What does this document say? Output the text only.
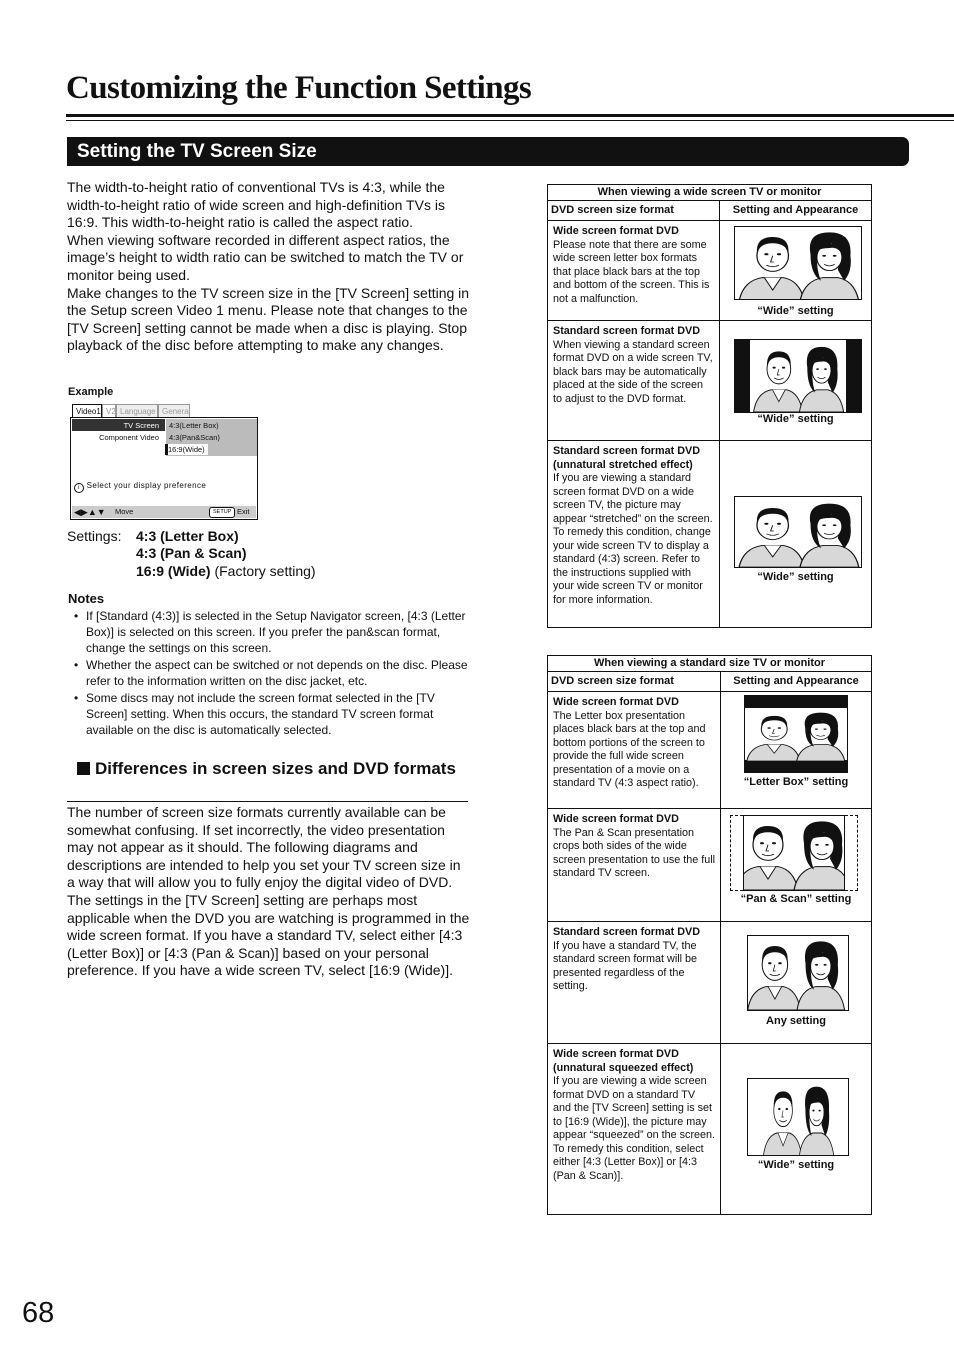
Customizing the Function Settings
Setting the TV Screen Size

The width-to-height ratio of conventional TVs is 4:3, while the width-to-height ratio of wide screen and high-definition TVs is 16:9. This width-to-height ratio is called the aspect ratio.

When viewing software recorded in different aspect ratios, the image’s height to width ratio can be switched to match the TV or monitor being used.

Make changes to the TV screen size in the [TV Screen] setting in the Setup screen Video 1 menu. Please note that changes to the [TV Screen] setting cannot be made when a disc is playing. Stop playback of the disc before attempting to make any changes.

Example
Video1 V2 Language General
TV Screen
Component Video
4:3(Letter Box)
4:3(Pan&Scan)
16:9(Wide)
i Select your display preference
◀▶▲▼ Move	SETUP Exit
Settings: 4:3 (Letter Box)
4:3 (Pan & Scan)
16:9 (Wide) (Factory setting)
Notes
• If [Standard (4:3)] is selected in the Setup Navigator screen, [4:3 (Letter Box)] is selected on this screen. If you prefer the pan&scan format, change the settings on this screen.
• Whether the aspect can be switched or not depends on the disc. Please refer to the information written on the disc jacket, etc.
• Some discs may not include the screen format selected in the [TV Screen] setting. When this occurs, the standard TV screen format available on the disc is automatically selected.
Differences in screen sizes and DVD formats

The number of screen size formats currently available can be somewhat confusing. If set incorrectly, the video presentation may not appear as it should. The following diagrams and descriptions are intended to help you set your TV screen size in a way that will allow you to fully enjoy the digital video of DVD.

The settings in the [TV Screen] setting are perhaps most applicable when the DVD you are watching is programmed in the wide screen format. If you have a standard TV, select either [4:3 (Letter Box)] or [4:3 (Pan & Scan)] based on your personal preference. If you have a wide screen TV, select [16:9 (Wide)].

When viewing a wide screen TV or monitor	
DVD screen size format	Setting and Appearance

Wide screen format DVD
Please note that there are some wide screen letter box formats that place black bars at the top and bottom of the screen. This is not a malfunction.	“Wide” setting

Standard screen format DVD
When viewing a standard screen format DVD on a wide screen TV, black bars may be automatically placed at the side of the screen to adjust to the DVD format.	“Wide” setting

Standard screen format DVD (unnatural stretched effect)
If you are viewing a standard screen format DVD on a wide screen TV, the picture may appear “stretched” on the screen. To remedy this condition, change your wide screen TV to display a standard (4:3) screen. Refer to the instructions supplied with your wide screen TV or monitor for more information.	“Wide” setting
When viewing a standard size TV or monitor	
DVD screen size format	Setting and Appearance

Wide screen format DVD
The Letter box presentation places black bars at the top and bottom portions of the screen to provide the full wide screen presentation of a movie on a standard TV (4:3 aspect ratio).	“Letter Box” setting

Wide screen format DVD
The Pan & Scan presentation crops both sides of the wide screen presentation to use the full standard TV screen.	“Pan & Scan” setting

Standard screen format DVD
If you have a standard TV, the standard screen format will be presented regardless of the setting.	Any setting

Wide screen format DVD (unnatural squeezed effect)
If you are viewing a wide screen format DVD on a standard TV and the [TV Screen] setting is set to [16:9 (Wide)], the picture may appear “squeezed” on the screen. To remedy this condition, select either [4:3 (Letter Box)] or [4:3 (Pan & Scan)].	“Wide” setting
68
